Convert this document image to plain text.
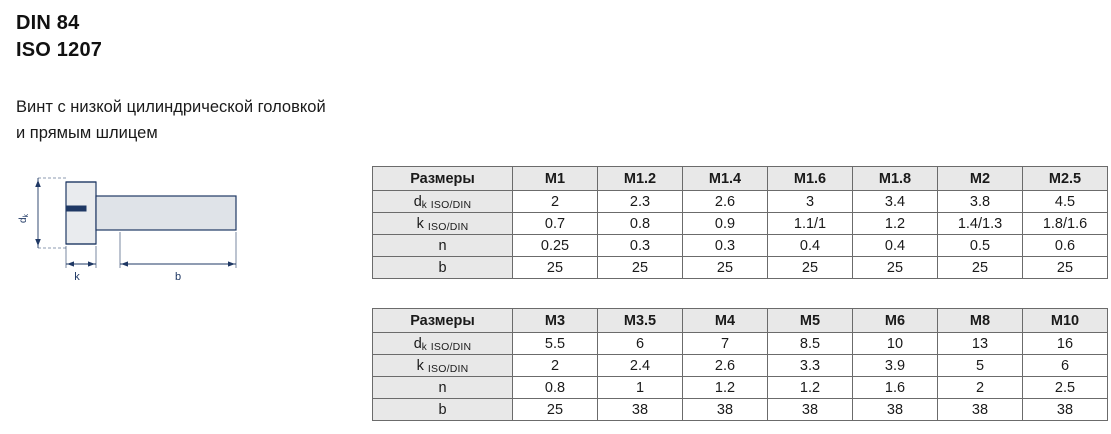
DIN 84
ISO 1207
Винт с низкой цилиндрической головкой
и прямым шлицем
$d_k$
k	b
Размеры	M1	M1.2	M1.4	M1.6	M1.8	M2	M2.5
dk ISO/DIN	2	2.3	2.6	3	3.4	3.8	4.5
k ISO/DIN	0.7	0.8	0.9	1.1/1	1.2	1.4/1.3	1.8/1.6
n	0.25	0.3	0.3	0.4	0.4	0.5	0.6
b	25	25	25	25	25	25	25
Размеры	M3	M3.5	M4	M5	M6	M8	M10
dk ISO/DIN	5.5	6	7	8.5	10	13	16
k ISO/DIN	2	2.4	2.6	3.3	3.9	5	6
n	0.8	1	1.2	1.2	1.6	2	2.5
b	25	38	38	38	38	38	38
